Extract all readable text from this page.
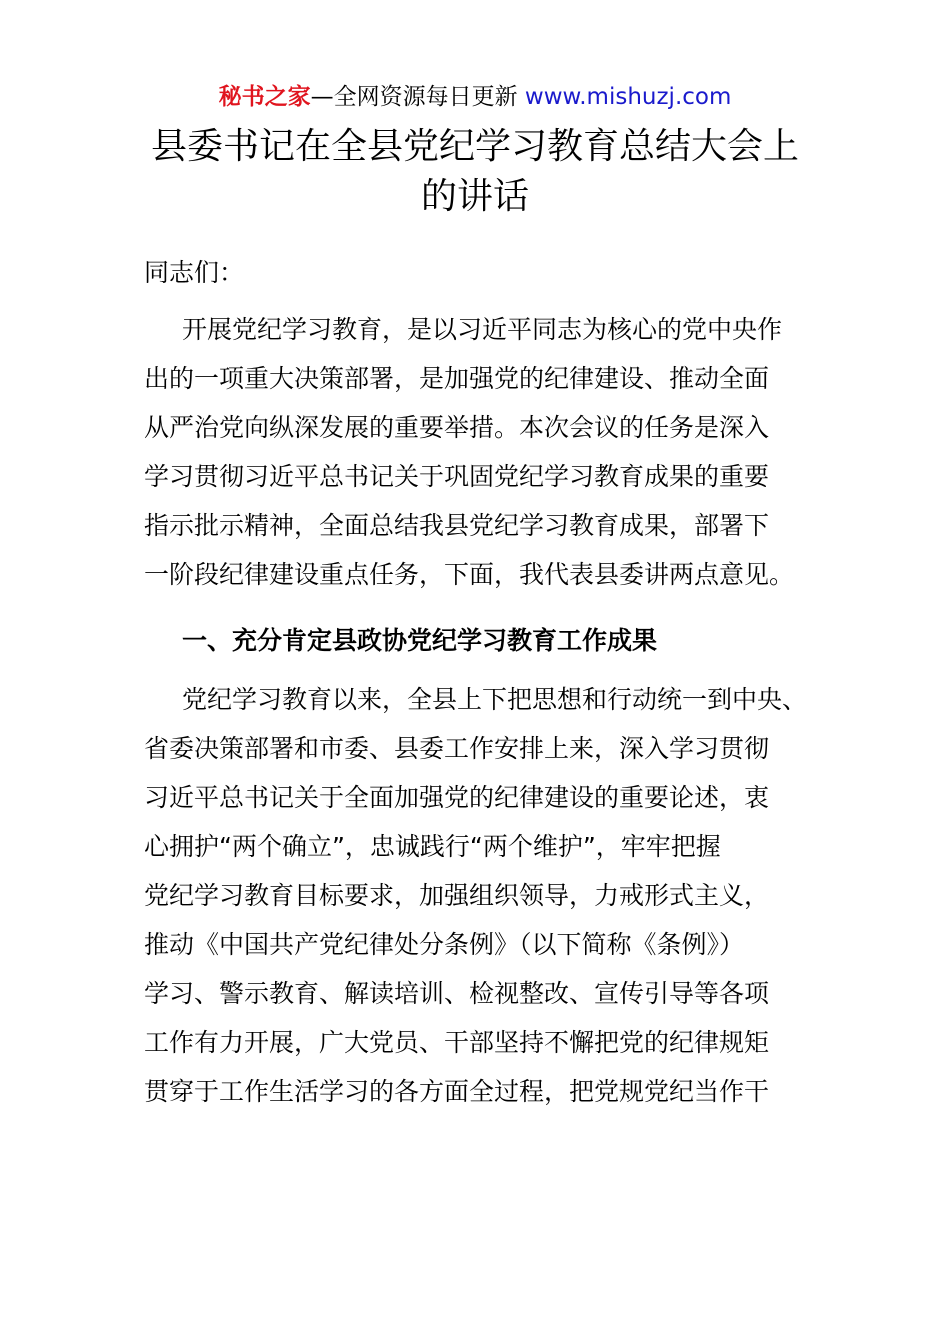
秘书之家—全网资源每日更新 www.mishuzj.com
县委书记在全县党纪学习教育总结大会上
的讲话
同志们：
开展党纪学习教育，是以习近平同志为核心的党中央作
出的一项重大决策部署，是加强党的纪律建设、推动全面
从严治党向纵深发展的重要举措。本次会议的任务是深入
学习贯彻习近平总书记关于巩固党纪学习教育成果的重要
指示批示精神，全面总结我县党纪学习教育成果，部署下
一阶段纪律建设重点任务，下面，我代表县委讲两点意见。
一、充分肯定县政协党纪学习教育工作成果
党纪学习教育以来，全县上下把思想和行动统一到中央、
省委决策部署和市委、县委工作安排上来，深入学习贯彻
习近平总书记关于全面加强党的纪律建设的重要论述，衷
心拥护“两个确立”，忠诚践行“两个维护”，牢牢把握
党纪学习教育目标要求，加强组织领导，力戒形式主义，
推动《中国共产党纪律处分条例》（以下简称《条例》）
学习、警示教育、解读培训、检视整改、宣传引导等各项
工作有力开展，广大党员、干部坚持不懈把党的纪律规矩
贯穿于工作生活学习的各方面全过程，把党规党纪当作干
